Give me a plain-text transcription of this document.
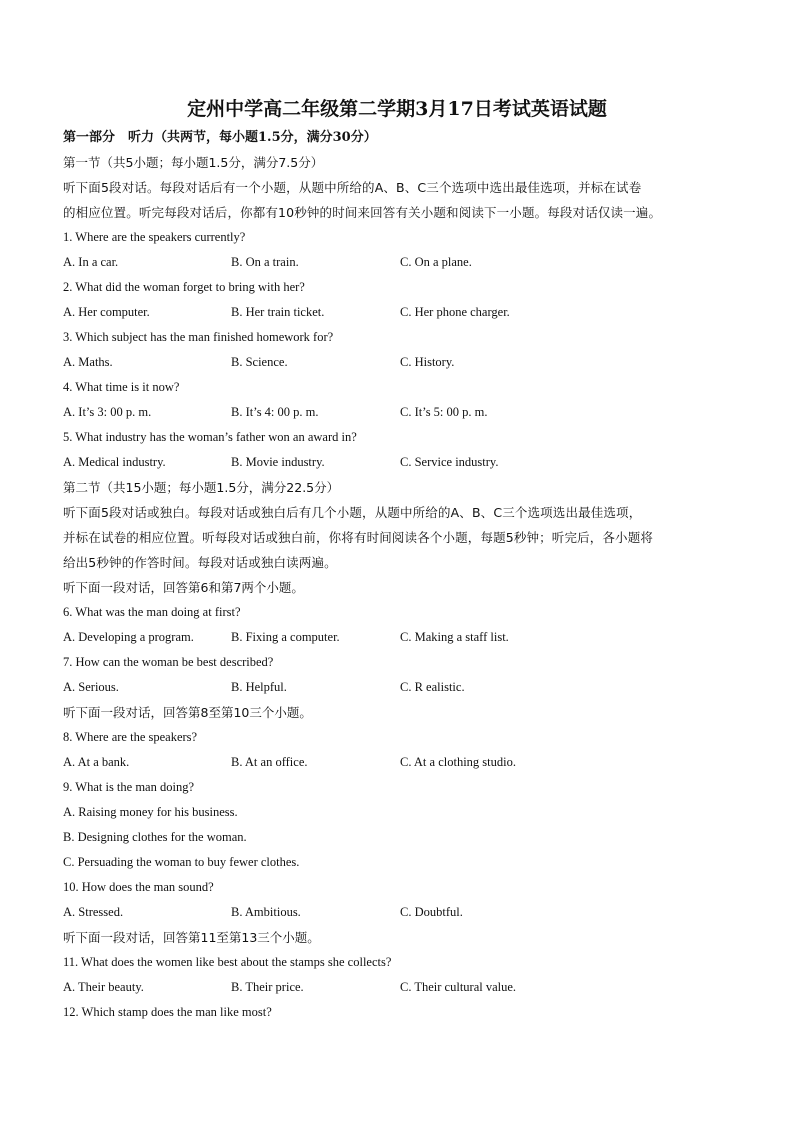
定州中学高二年级第二学期3月17日考试英语试题
第一部分　听力（共两节，每小题1.5分，满分30分）
第一节（共5小题；每小题1.5分，满分7.5分）
听下面5段对话。每段对话后有一个小题，从题中所给的A、B、C三个选项中选出最佳选项，并标在试卷
的相应位置。听完每段对话后，你都有10秒钟的时间来回答有关小题和阅读下一小题。每段对话仅读一遍。
1. Where are the speakers currently?
A. In a car.	B. On a train.	C. On a plane.
2. What did the woman forget to bring with her?
A. Her computer.	B. Her train ticket.	C. Her phone charger.
3. Which subject has the man finished homework for?
A. Maths.	B. Science.	C. History.
4. What time is it now?
A. It’s 3: 00 p. m.	B. It’s 4: 00 p. m.	C. It’s 5: 00 p. m.
5. What industry has the woman’s father won an award in?
A. Medical industry.	B. Movie industry.	C. Service industry.
第二节（共15小题；每小题1.5分，满分22.5分）
听下面5段对话或独白。每段对话或独白后有几个小题，从题中所给的A、B、C三个选项选出最佳选项，
并标在试卷的相应位置。听每段对话或独白前，你将有时间阅读各个小题，每题5秒钟；听完后，各小题将
给出5秒钟的作答时间。每段对话或独白读两遍。
听下面一段对话，回答第6和第7两个小题。
6. What was the man doing at first?
A. Developing a program.	B. Fixing a computer.	C. Making a staff list.
7. How can the woman be best described?
A. Serious.	B. Helpful.	C. R ealistic.
听下面一段对话，回答第8至第10三个小题。
8. Where are the speakers?
A. At a bank.	B. At an office.	C. At a clothing studio.
9. What is the man doing?
A. Raising money for his business.
B. Designing clothes for the woman.
C. Persuading the woman to buy fewer clothes.
10. How does the man sound?
A. Stressed.	B. Ambitious.	C. Doubtful.
听下面一段对话，回答第11至第13三个小题。
11. What does the women like best about the stamps she collects?
A. Their beauty.	B. Their price.	C. Their cultural value.
12. Which stamp does the man like most?
